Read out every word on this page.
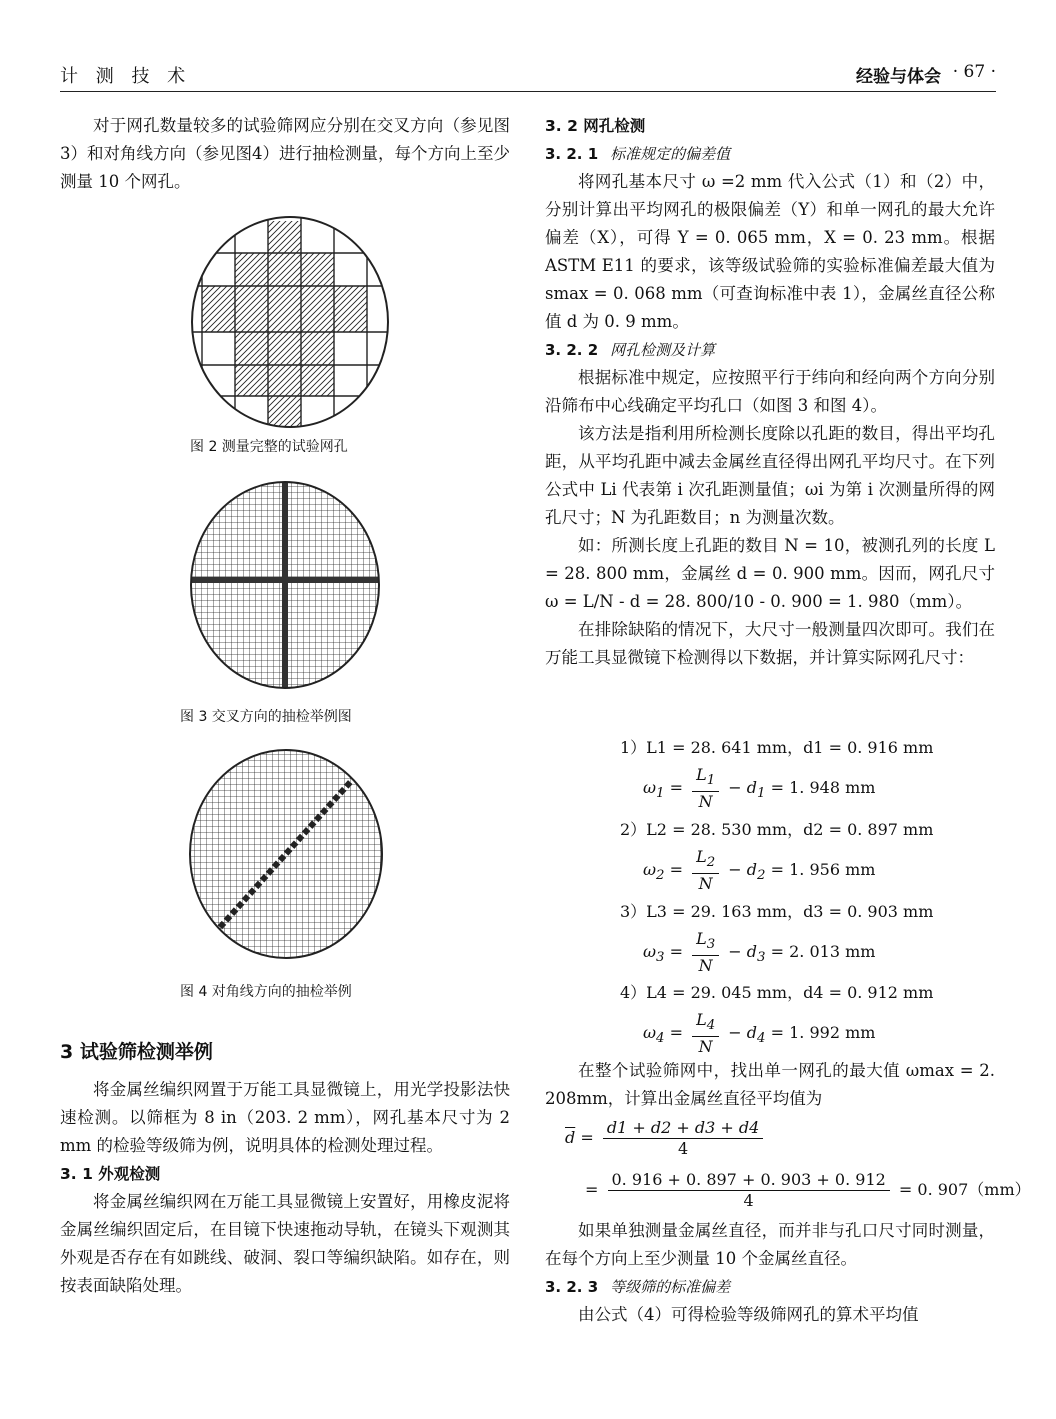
计 测 技 术	经验与体会 · 67 ·

对于网孔数量较多的试验筛网应分别在交叉方向（参见图3）和对角线方向（参见图4）进行抽检测量，每个方向上至少测量 10 个网孔。

图 2 测量完整的试验网孔
图 3 交叉方向的抽检举例图
图 4 对角线方向的抽检举例

3 试验筛检测举例

将金属丝编织网置于万能工具显微镜上，用光学投影法快速检测。以筛框为 8 in（203. 2 mm），网孔基本尺寸为 2 mm 的检验等级筛为例，说明具体的检测处理过程。

3. 1 外观检测

将金属丝编织网在万能工具显微镜上安置好，用橡皮泥将金属丝编织固定后，在目镜下快速拖动导轨，在镜头下观测其外观是否存在有如跳线、破洞、裂口等编织缺陷。如存在，则按表面缺陷处理。

3. 2 网孔检测

3. 2. 1 标准规定的偏差值

将网孔基本尺寸 ω =2 mm 代入公式（1）和（2）中，分别计算出平均网孔的极限偏差（Y）和单一网孔的最大允许偏差（X），可得 Y = 0. 065 mm，X = 0. 23 mm。根据 ASTM E11 的要求，该等级试验筛的实验标准偏差最大值为 smax = 0. 068 mm（可查询标准中表 1），金属丝直径公称值 d 为 0. 9 mm。

3. 2. 2 网孔检测及计算

根据标准中规定，应按照平行于纬向和经向两个方向分别沿筛布中心线确定平均孔口（如图 3 和图 4）。

该方法是指利用所检测长度除以孔距的数目，得出平均孔距，从平均孔距中减去金属丝直径得出网孔平均尺寸。在下列公式中 Li 代表第 i 次孔距测量值；ωi 为第 i 次测量所得的网孔尺寸；N 为孔距数目；n 为测量次数。

如：所测长度上孔距的数目 N = 10，被测孔列的长度 L = 28. 800 mm，金属丝 d = 0. 900 mm。因而，网孔尺寸 ω = L/N - d = 28. 800/10 - 0. 900 = 1. 980（mm）。

在排除缺陷的情况下，大尺寸一般测量四次即可。我们在万能工具显微镜下检测得以下数据，并计算实际网孔尺寸：

1）L1 = 28. 641 mm，d1 = 0. 916 mm
$\omega_1 = \frac{L_1}{N} - d_1 = 1$. 948 mm
2）L2 = 28. 530 mm，d2 = 0. 897 mm
$\omega_2 = \frac{L_2}{N} - d_2 = 1$. 956 mm
3）L3 = 29. 163 mm，d3 = 0. 903 mm
$\omega_3 = \frac{L_3}{N} - d_3 = 2$. 013 mm
4）L4 = 29. 045 mm，d4 = 0. 912 mm
$\omega_4 = \frac{L_4}{N} - d_4 = 1$. 992 mm

在整个试验筛网中，找出单一网孔的最大值 ωmax = 2. 208mm，计算出金属丝直径平均值为

$\overline{d} = \frac{d1 + d2 + d3 + d4}{4}$
= $\frac{0. 916 + 0. 897 + 0. 903 + 0. 912}{4} = 0$. 907（mm）

如果单独测量金属丝直径，而并非与孔口尺寸同时测量，在每个方向上至少测量 10 个金属丝直径。

3. 2. 3 等级筛的标准偏差

由公式（4）可得检验等级筛网孔的算术平均值
